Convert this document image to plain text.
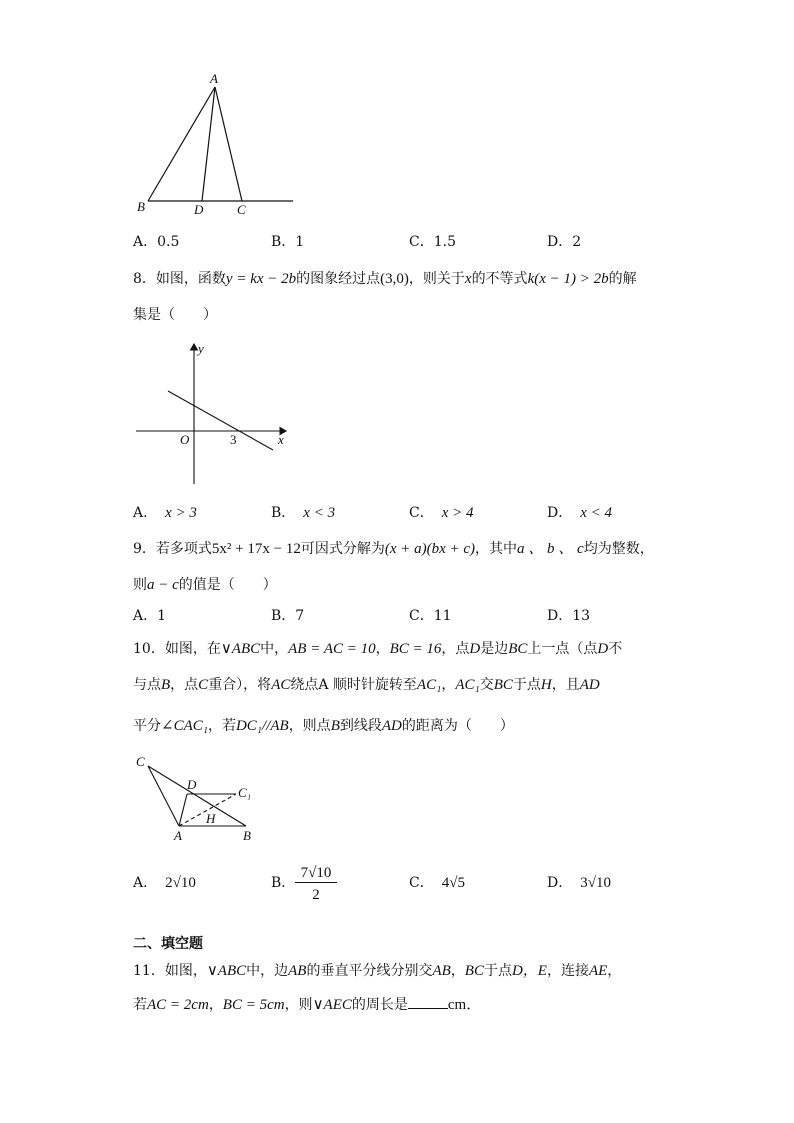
A
B	D	C
A．0.5	B．1	C．1.5	D．2
8．如图，函数y = kx − 2b的图象经过点(3,0)，则关于x的不等式k(x − 1) > 2b的解
集是（　　）
y
x
O	3
A． x > 3	B． x < 3	C． x > 4	D． x < 4
9．若多项式5x² + 17x − 12可因式分解为(x + a)(bx + c)，其中a 、 b 、 c均为整数，
则a − c的值是（　　）
A．1	B．7	C．11	D．13
10．如图，在∨ABC中，AB = AC = 10，BC = 16，点D是边BC上一点（点D不
与点B，点C重合），将AC绕点A 顺时针旋转至AC₁，AC₁交BC于点H，且AD
平分∠CAC₁，若DC₁//AB，则点B到线段AD的距离为（　　）
C
D
C₁
H
A	B
A． 2√10	B．
7√10
2
C． 4√5	D． 3√10
二、填空题
11．如图，∨ABC中，边AB的垂直平分线分别交AB，BC于点D，E，连接AE，
若AC = 2cm，BC = 5cm，则∨AEC的周长是	cm．
